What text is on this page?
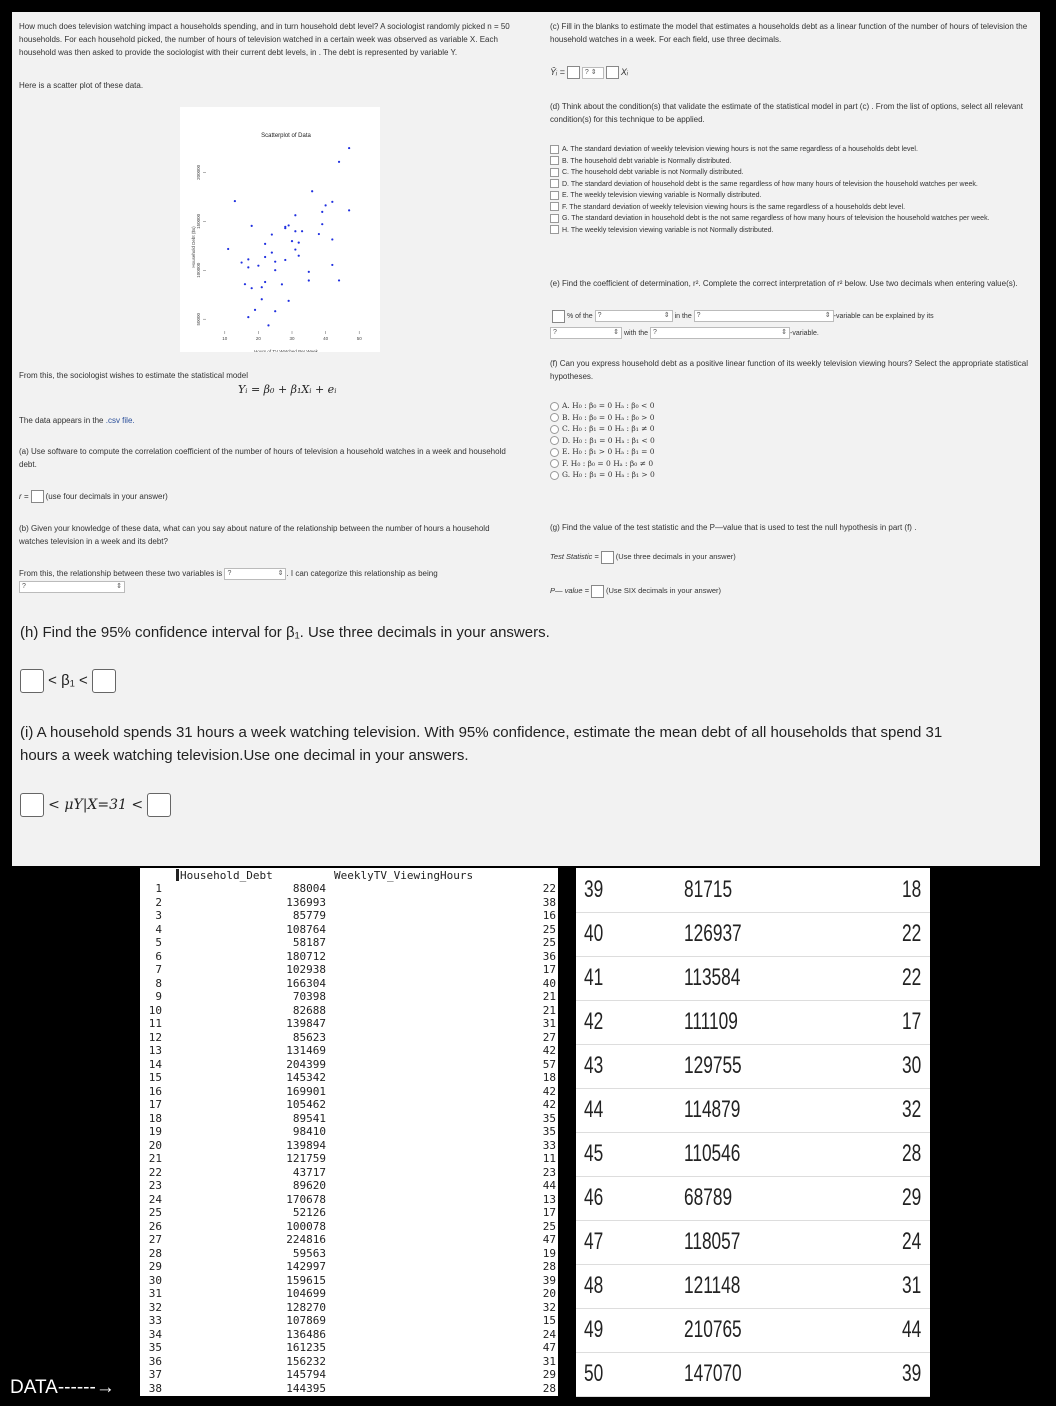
How much does television watching impact a households spending, and in turn household debt level? A sociologist randomly picked n = 50
households. For each household picked, the number of hours of television watched in a certain week was observed as variable X. Each
household was then asked to provide the sociologist with their current debt levels, in . The debt is represented by variable Y.
Here is a scatter plot of these data.
Scatterplot of Data
Hours of TV Watched Per Week
Household Debt ($s)
10	20	30	40	50
50000
100000
150000
200000
From this, the sociologist wishes to estimate the statistical model
Yᵢ = β₀ + β₁Xᵢ + eᵢ
The data appears in the .csv file.
(a) Use software to compute the correlation coefficient of the number of hours of television a household watches in a week and household
debt.
r = (use four decimals in your answer)
(b) Given your knowledge of these data, what can you say about nature of the relationship between the number of hours a household
watches television in a week and its debt?
From this, the relationship between these two variables is ?	⇕ . I can categorize this relationship as being
?	⇕
(c) Fill in the blanks to estimate the model that estimates a households debt as a linear function of the number of hours of television the
household watches in a week. For each field, use three decimals.
Ŷᵢ =	? ⇕	Xᵢ
(d) Think about the condition(s) that validate the estimate of the statistical model in part (c) . From the list of options, select all relevant
condition(s) for this technique to be applied.
A. The standard deviation of weekly television viewing hours is not the same regardless of a households debt level.
B. The household debt variable is Normally distributed.
C. The household debt variable is not Normally distributed.
D. The standard deviation of household debt is the same regardless of how many hours of television the household watches per week.
E. The weekly television viewing variable is Normally distributed.
F. The standard deviation of weekly television viewing hours is the same regardless of a households debt level.
G. The standard deviation in household debt is the not same regardless of how many hours of television the household watches per week.
H. The weekly television viewing variable is not Normally distributed.
(e) Find the coefficient of determination, r². Complete the correct interpretation of r² below. Use two decimals when entering value(s).
% of the ?	⇕ in the ?	⇕ -variable can be explained by its
?	⇕ with the ?	⇕ -variable.
(f) Can you express household debt as a positive linear function of its weekly television viewing hours? Select the appropriate statistical
hypotheses.
A. H₀ : β₀ = 0 Hₐ : β₀ < 0
B. H₀ : β₀ = 0 Hₐ : β₀ > 0
C. H₀ : β₁ = 0 Hₐ : β₁ ≠ 0
D. H₀ : β₁ = 0 Hₐ : β₁ < 0
E. H₀ : β₁ > 0 Hₐ : β₁ = 0
F. H₀ : β₀ = 0 Hₐ : β₀ ≠ 0
G. H₀ : β₁ = 0 Hₐ : β₁ > 0
(g) Find the value of the test statistic and the P—value that is used to test the null hypothesis in part (f) .
Test Statistic = (Use three decimals in your answer)
P— value = (Use SIX decimals in your answer)
(h) Find the 95% confidence interval for β₁. Use three decimals in your answers.
< β₁ <
(i) A household spends 31 hours a week watching television. With 95% confidence, estimate the mean debt of all households that spend 31
hours a week watching television.Use one decimal in your answers.
< μY|X=31 <
Household_Debt	WeeklyTV_ViewingHours
1	88004	22
2	136993	38
3	85779	16
4	108764	25
5	58187	25
6	180712	36
7	102938	17
8	166304	40
9	70398	21
10	82688	21
11	139847	31
12	85623	27
13	131469	42
14	204399	57
15	145342	18
16	169901	42
17	105462	42
18	89541	35
19	98410	35
20	139894	33
21	121759	11
22	43717	23
23	89620	44
24	170678	13
25	52126	17
26	100078	25
27	224816	47
28	59563	19
29	142997	28
30	159615	39
31	104699	20
32	128270	32
33	107869	15
34	136486	24
35	161235	47
36	156232	31
37	145794	29
38	144395	28
39	81715	18
40	126937	22
41	113584	22
42	111109	17
43	129755	30
44	114879	32
45	110546	28
46	68789	29
47	118057	24
48	121148	31
49	210765	44
50	147070	39
DATA------→
